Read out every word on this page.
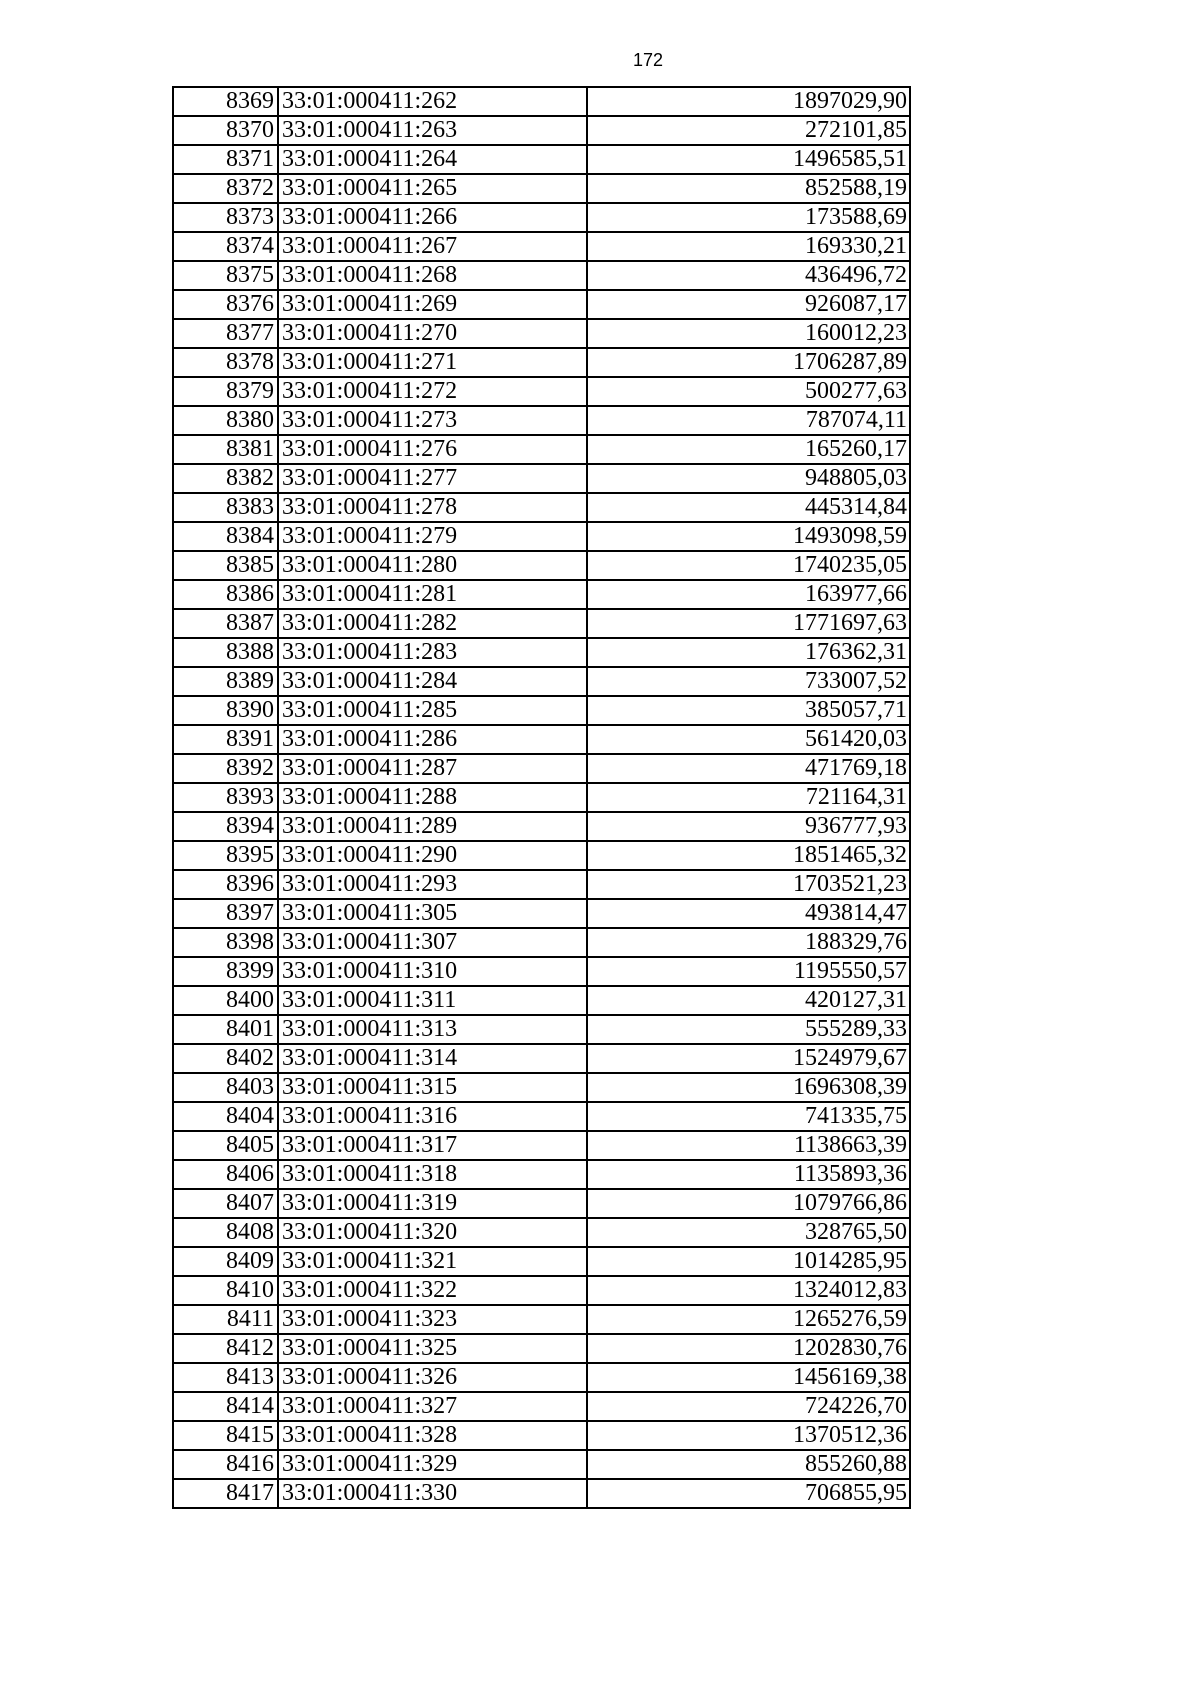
172
8369	33:01:000411:262	1897029,90
8370	33:01:000411:263	272101,85
8371	33:01:000411:264	1496585,51
8372	33:01:000411:265	852588,19
8373	33:01:000411:266	173588,69
8374	33:01:000411:267	169330,21
8375	33:01:000411:268	436496,72
8376	33:01:000411:269	926087,17
8377	33:01:000411:270	160012,23
8378	33:01:000411:271	1706287,89
8379	33:01:000411:272	500277,63
8380	33:01:000411:273	787074,11
8381	33:01:000411:276	165260,17
8382	33:01:000411:277	948805,03
8383	33:01:000411:278	445314,84
8384	33:01:000411:279	1493098,59
8385	33:01:000411:280	1740235,05
8386	33:01:000411:281	163977,66
8387	33:01:000411:282	1771697,63
8388	33:01:000411:283	176362,31
8389	33:01:000411:284	733007,52
8390	33:01:000411:285	385057,71
8391	33:01:000411:286	561420,03
8392	33:01:000411:287	471769,18
8393	33:01:000411:288	721164,31
8394	33:01:000411:289	936777,93
8395	33:01:000411:290	1851465,32
8396	33:01:000411:293	1703521,23
8397	33:01:000411:305	493814,47
8398	33:01:000411:307	188329,76
8399	33:01:000411:310	1195550,57
8400	33:01:000411:311	420127,31
8401	33:01:000411:313	555289,33
8402	33:01:000411:314	1524979,67
8403	33:01:000411:315	1696308,39
8404	33:01:000411:316	741335,75
8405	33:01:000411:317	1138663,39
8406	33:01:000411:318	1135893,36
8407	33:01:000411:319	1079766,86
8408	33:01:000411:320	328765,50
8409	33:01:000411:321	1014285,95
8410	33:01:000411:322	1324012,83
8411	33:01:000411:323	1265276,59
8412	33:01:000411:325	1202830,76
8413	33:01:000411:326	1456169,38
8414	33:01:000411:327	724226,70
8415	33:01:000411:328	1370512,36
8416	33:01:000411:329	855260,88
8417	33:01:000411:330	706855,95
